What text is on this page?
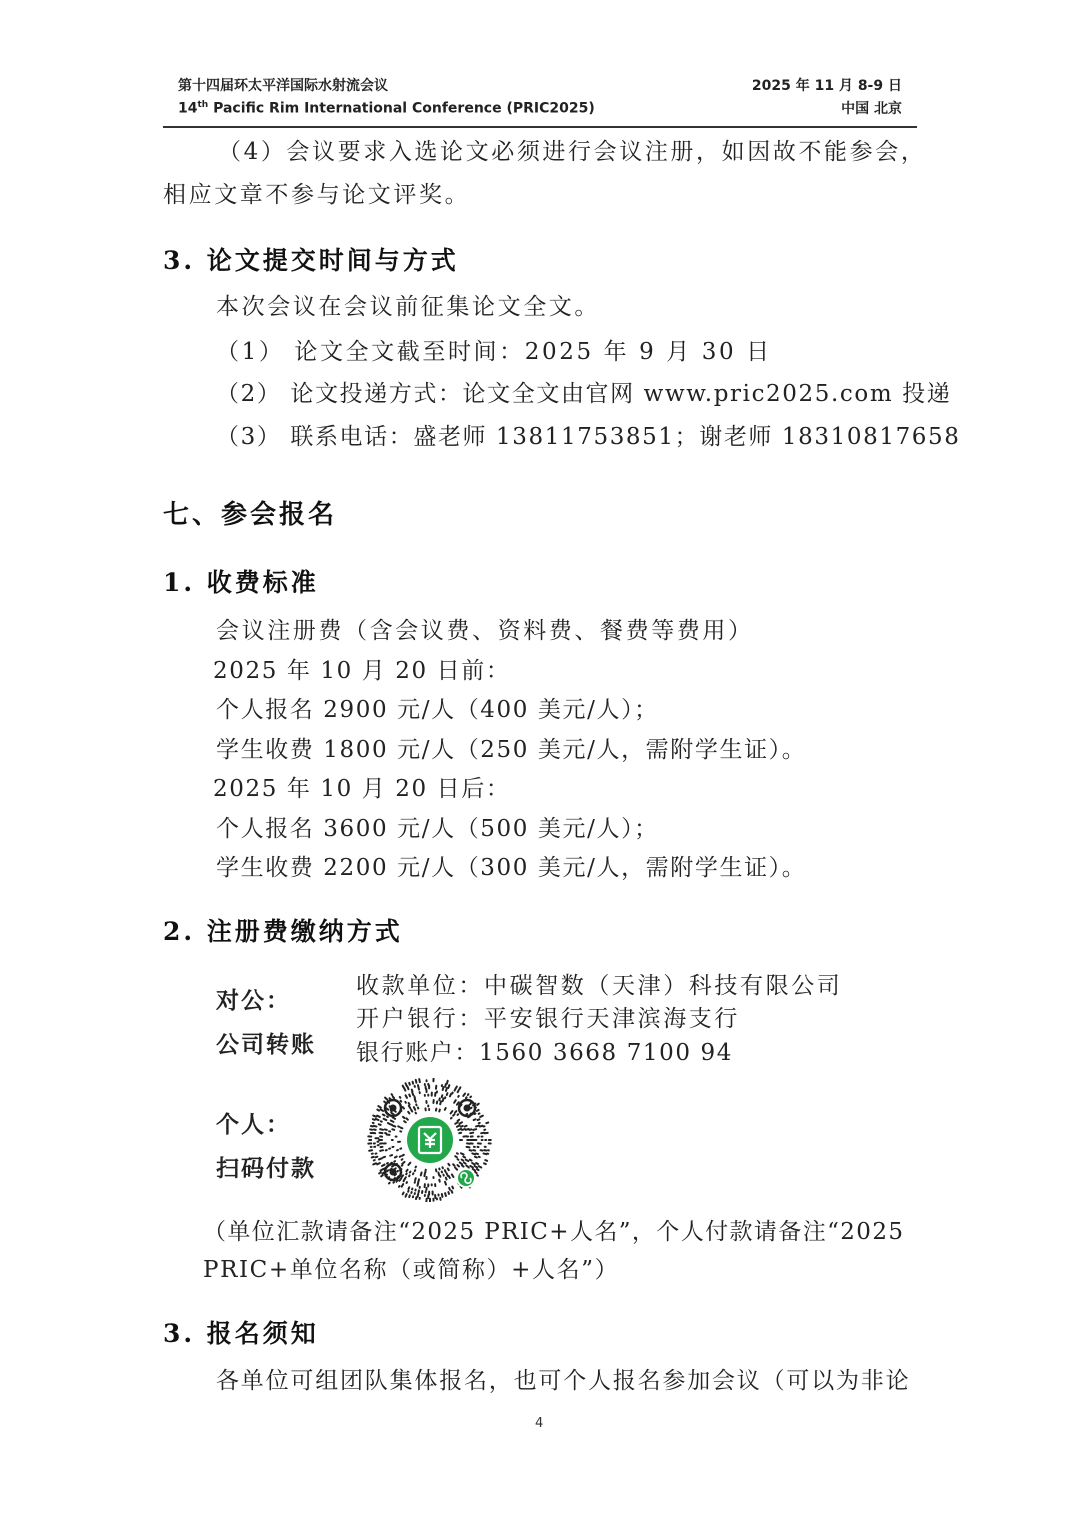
第十四届环太平洋国际水射流会议
14th Pacific Rim International Conference (PRIC2025)
2025 年 11 月 8-9 日
中国 北京
（4）会议要求入选论文必须进行会议注册，如因故不能参会，
相应文章不参与论文评奖。
3. 论文提交时间与方式
本次会议在会议前征集论文全文。
（1） 论文全文截至时间：2025 年 9 月 30 日
（2） 论文投递方式：论文全文由官网 www.pric2025.com 投递
（3） 联系电话：盛老师 13811753851；谢老师 18310817658
七、参会报名
1. 收费标准
会议注册费（含会议费、资料费、餐费等费用）
2025 年 10 月 20 日前：
个人报名 2900 元/人（400 美元/人）；
学生收费 1800 元/人（250 美元/人，需附学生证）。
2025 年 10 月 20 日后：
个人报名 3600 元/人（500 美元/人）；
学生收费 2200 元/人（300 美元/人，需附学生证）。
2. 注册费缴纳方式
对公：
公司转账
收款单位：中碳智数（天津）科技有限公司
开户银行：平安银行天津滨海支行
银行账户：1560 3668 7100 94
个人：
扫码付款
（单位汇款请备注“2025 PRIC+人名”，个人付款请备注“2025
PRIC+单位名称（或简称）+人名”）
3. 报名须知
各单位可组团队集体报名，也可个人报名参加会议（可以为非论
4
